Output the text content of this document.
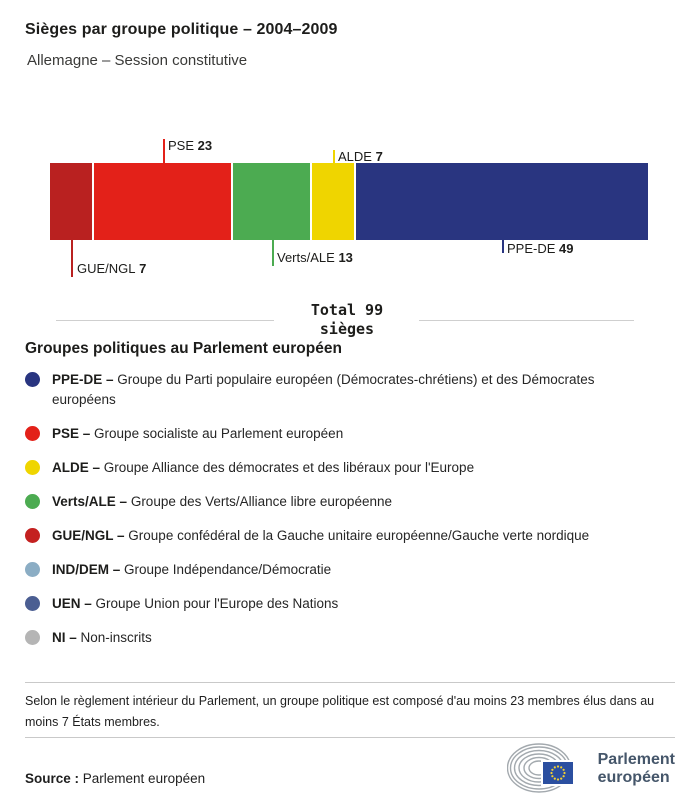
Sièges par groupe politique – 2004–2009
Allemagne – Session constitutive
PSE 23
ALDE 7
GUE/NGL 7
Verts/ALE 13
PPE-DE 49
Total 99
sièges
Groupes politiques au Parlement européen
PPE-DE – Groupe du Parti populaire européen (Démocrates-chrétiens) et des Démocrates européens
PSE – Groupe socialiste au Parlement européen
ALDE – Groupe Alliance des démocrates et des libéraux pour l'Europe
Verts/ALE – Groupe des Verts/Alliance libre européenne
GUE/NGL – Groupe confédéral de la Gauche unitaire européenne/Gauche verte nordique
IND/DEM – Groupe Indépendance/Démocratie
UEN – Groupe Union pour l'Europe des Nations
NI – Non-inscrits
Selon le règlement intérieur du Parlement, un groupe politique est composé d'au moins 23 membres élus dans au moins 7 États membres.
Source : Parlement européen
Parlement
européen
